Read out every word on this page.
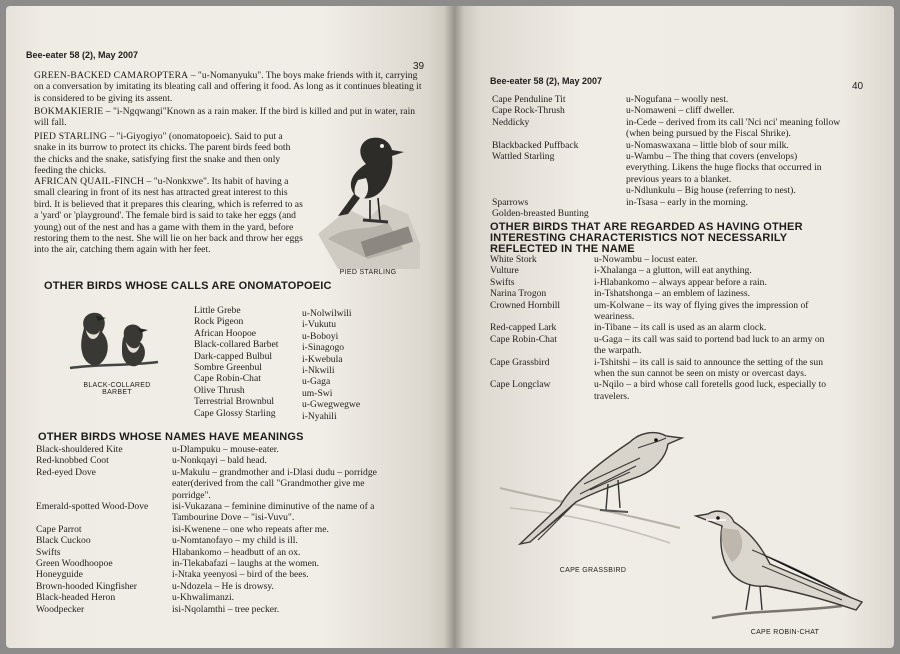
Bee-eater 58 (2), May 2007
39
GREEN-BACKED CAMAROPTERA – "u-Nomanyuku". The boys make friends with it, carrying on a conversation by imitating its bleating call and offering it food. As long as it continues bleating it is considered to be giving its assent.
BOKMAKIERIE – "i-Ngqwangi"Known as a rain maker. If the bird is killed and put in water, rain will fall.
PIED STARLING – "i-Giyogiyo" (onomatopoeic). Said to put a snake in its burrow to protect its chicks. The parent birds feed both the chicks and the snake, satisfying first the snake and then only feeding the chicks.
AFRICAN QUAIL-FINCH – "u-Nonkxwe". Its habit of having a small clearing in front of its nest has attracted great interest to this bird. It is believed that it prepares this clearing, which is referred to as a 'yard' or 'playground'. The female bird is said to take her eggs (and young) out of the nest and has a game with them in the yard, before restoring them to the nest. She will lie on her back and throw her eggs into the air, catching them again with her feet.
PIED STARLING
OTHER BIRDS WHOSE CALLS ARE ONOMATOPOEIC
BLACK-COLLARED
BARBET
Little Grebe
Rock Pigeon
African Hoopoe
Black-collared Barbet
Dark-capped Bulbul
Sombre Greenbul
Cape Robin-Chat
Olive Thrush
Terrestrial Brownbul
Cape Glossy Starling
u-Nolwilwili
i-Vukutu
u-Boboyi
i-Sinagogo
i-Kwebula
i-Nkwili
u-Gaga
um-Swi
u-Gwegwegwe
i-Nyahili
OTHER BIRDS WHOSE NAMES HAVE MEANINGS
Black-shouldered Kite
Red-knobbed Coot
Red-eyed Dove
Emerald-spotted Wood-Dove
Cape Parrot
Black Cuckoo
Swifts
Green Woodhoopoe
Honeyguide
Brown-hooded Kingfisher
Black-headed Heron
Woodpecker
u-Dlampuku – mouse-eater.
u-Nonkqayi – bald head.
u-Makulu – grandmother and i-Dlasi dudu – porridge
eater(derived from the call "Grandmother give me
porridge".
isi-Vukazana – feminine diminutive of the name of a
Tambourine Dove – "isi-Vuvu".
isi-Kwenene – one who repeats after me.
u-Nomtanofayo – my child is ill.
Hlabankomo – headbutt of an ox.
in-Tlekabafazi – laughs at the women.
i-Ntaka yeenyosi – bird of the bees.
u-Ndozela – He is drowsy.
u-Khwalimanzi.
isi-Nqolamthi – tree pecker.
Bee-eater 58 (2), May 2007	40
Cape Penduline Tit
Cape Rock-Thrush
Neddicky
Blackbacked Puffback
Wattled Starling
Sparrows
Golden-breasted Bunting
u-Nogufana – woolly nest.
u-Nomaweni – cliff dweller.
in-Cede – derived from its call 'Nci nci' meaning follow
(when being pursued by the Fiscal Shrike).
u-Nomaswaxana – little blob of sour milk.
u-Wambu – The thing that covers (envelops)
everything. Likens the huge flocks that occurred in
previous years to a blanket.
u-Ndlunkulu – Big house (referring to nest).
in-Tsasa – early in the morning.
OTHER BIRDS THAT ARE REGARDED AS HAVING OTHER
INTERESTING CHARACTERISTICS NOT NECESSARILY
REFLECTED IN THE NAME
White Stork
Vulture
Swifts
Narina Trogon
Crowned Hornbill
Red-capped Lark
Cape Robin-Chat
Cape Grassbird
Cape Longclaw
u-Nowambu – locust eater.
i-Xhalanga – a glutton, will eat anything.
i-Hlabankomo – always appear before a rain.
in-Tshatshonga – an emblem of laziness.
um-Kolwane – its way of flying gives the impression of
weariness.
in-Tibane – its call is used as an alarm clock.
u-Gaga – its call was said to portend bad luck to an army on
the warpath.
i-Tshitshi – its call is said to announce the setting of the sun
when the sun cannot be seen on misty or overcast days.
u-Nqilo – a bird whose call foretells good luck, especially to
travelers.
CAPE GRASSBIRD
CAPE ROBIN-CHAT
